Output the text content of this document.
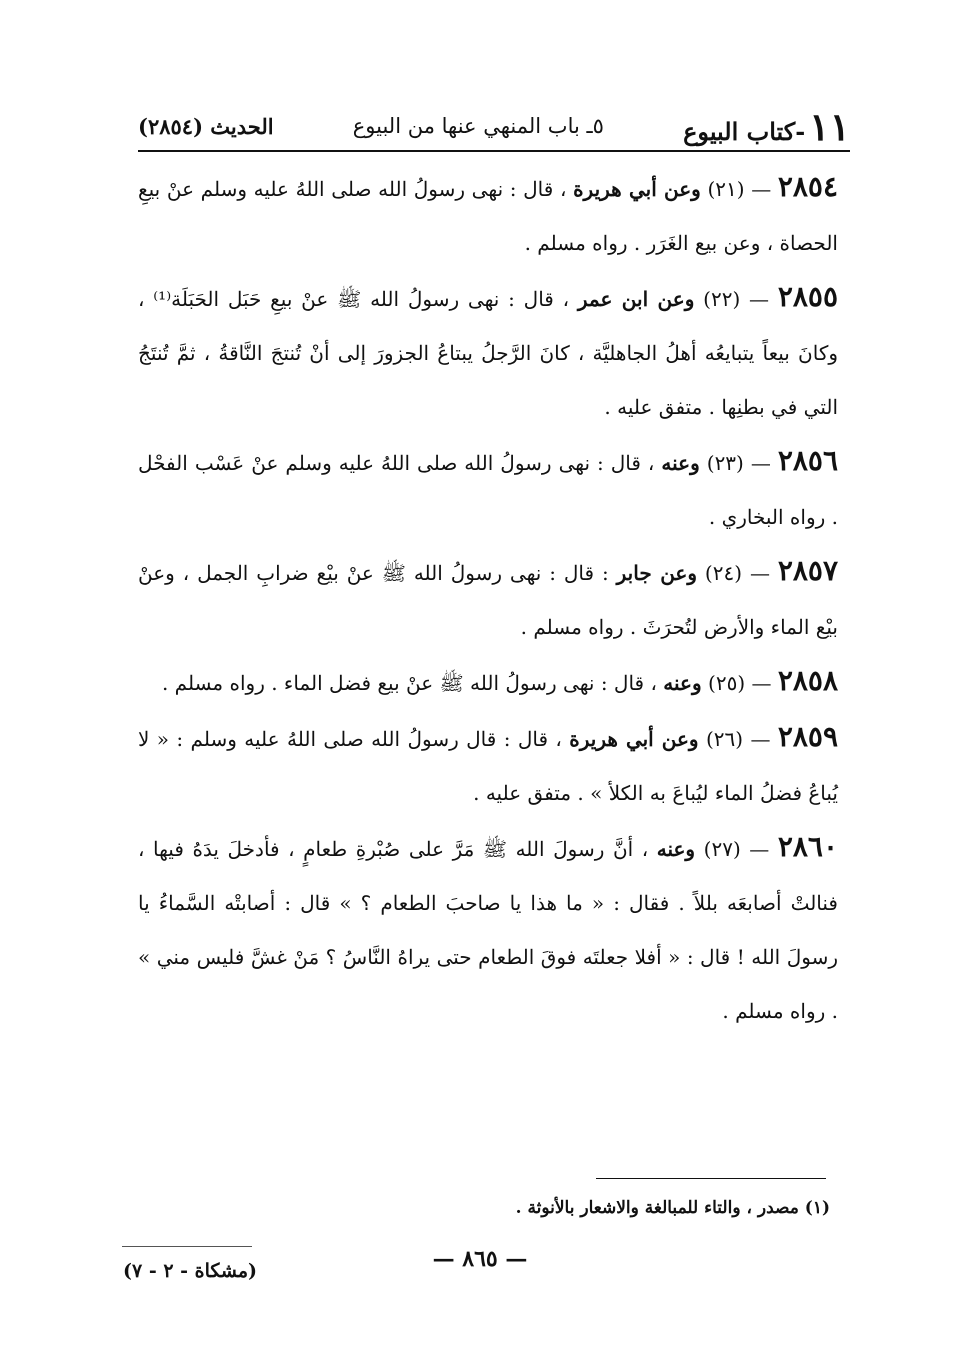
١١-كتاب البيوع
٥ـ باب المنهي عنها من البيوع
الحديث (٢٨٥٤)

٢٨٥٤ — (٢١) وعن أبي هريرة ، قال : نهى رسولُ الله صلى اللهُ عليه وسلم عنْ بيعِ الحصاة ، وعن بيع الغَرَر . رواه مسلم .

٢٨٥٥ — (٢٢) وعن ابن عمر ، قال : نهى رسولُ الله ﷺ عنْ بيعِ حَبَل الحَبَلَة⁽¹⁾ ، وكانَ بيعاً يتبايعُه أهلُ الجاهليَّة ، كانَ الرَّجلُ يبتاعُ الجزورَ إلى أنْ تُنتجَ النَّاقةُ ، ثمَّ تُنتَجُ التي في بطنِها . متفق عليه .

٢٨٥٦ — (٢٣) وعنه ، قال : نهى رسولُ الله صلى اللهُ عليه وسلم عنْ عَسْب الفحْل . رواه البخاري .

٢٨٥٧ — (٢٤) وعن جابر : قال : نهى رسولُ الله ﷺ عنْ بيْع ضرابِ الجمل ، وعنْ بيْع الماء والأرض لتُحرَثَ . رواه مسلم .

٢٨٥٨ — (٢٥) وعنه ، قال : نهى رسولُ الله ﷺ عنْ بيع فضل الماء . رواه مسلم .

٢٨٥٩ — (٢٦) وعن أبي هريرة ، قال : قال رسولُ الله صلى اللهُ عليه وسلم : « لا يُباعُ فضلُ الماء ليُباعَ به الكلأ » . متفق عليه .

٢٨٦٠ — (٢٧) وعنه ، أنَّ رسولَ الله ﷺ مَرَّ على صُبْرةِ طعامٍ ، فأدخلَ يدَهُ فيها ، فنالتْ أصابعَه بللاً . فقال : « ما هذا يا صاحبَ الطعام ؟ » قال : أصابتْه السَّماءُ يا رسولَ الله ! قال : « أفلا جعلتَه فوقَ الطعام حتى يراهُ النَّاسُ ؟ مَنْ غشَّ فليس مني » . رواه مسلم .

(١) مصدر ، والتاء للمبالغة والاشعار بالأنوثة .
— ٨٦٥ —
(مشكاة - ٢ - ٧)
